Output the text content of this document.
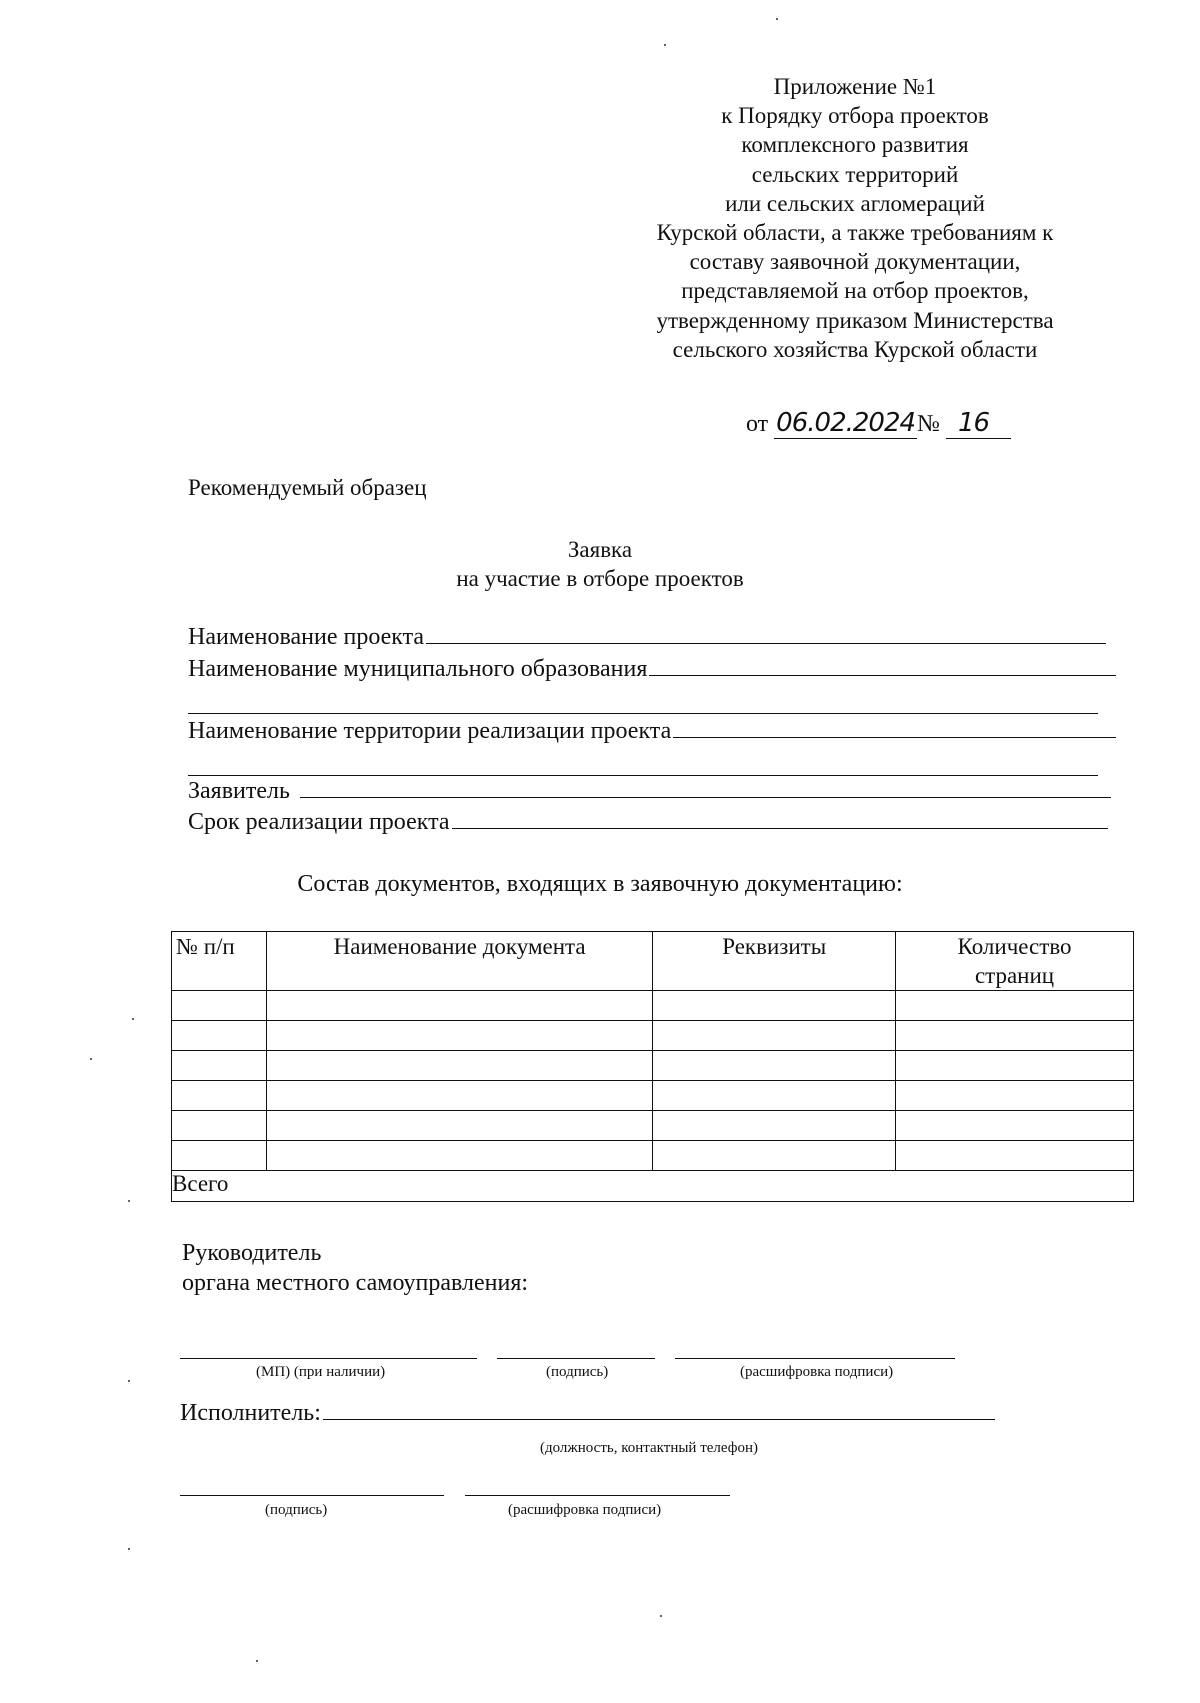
Приложение №1
к Порядку отбора проектов
комплексного развития
сельских территорий
или сельских агломераций
Курской области, а также требованиям к
составу заявочной документации,
представляемой на отбор проектов,
утвержденному приказом Министерства
сельского хозяйства Курской области
от 06.02.2024№ 16
Рекомендуемый образец
Заявка
на участие в отборе проектов
Наименование проекта
Наименование муниципального образования
Наименование территории реализации проекта
Заявитель
Срок реализации проекта
Состав документов, входящих в заявочную документацию:
№ п/п	Наименование документа	Реквизиты	Количество страниц

Всего			
Руководитель
органа местного самоуправления:
(МП) (при наличии)	(подпись)	(расшифровка подписи)
Исполнитель:
(должность, контактный телефон)
(подпись)	(расшифровка подписи)
